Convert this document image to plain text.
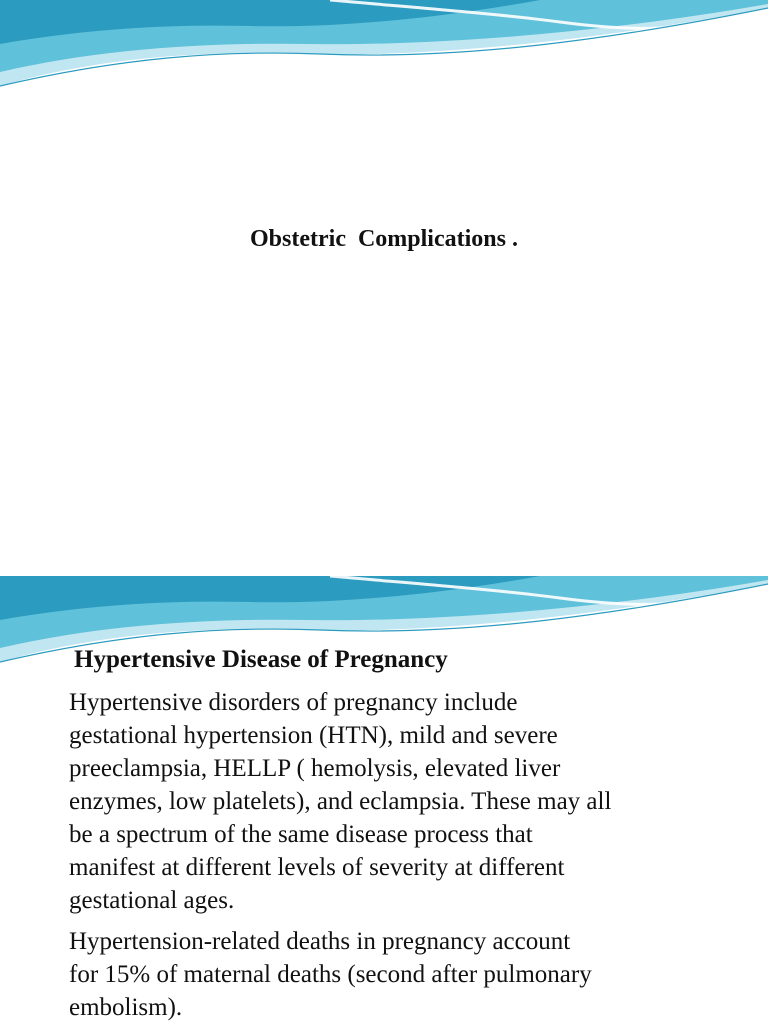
Obstetric  Complications .
Hypertensive Disease of Pregnancy
Hypertensive disorders of pregnancy include
gestational hypertension (HTN), mild and severe
preeclampsia, HELLP ( hemolysis, elevated liver
enzymes, low platelets), and eclampsia. These may all
be a spectrum of the same disease process that
manifest at different levels of severity at different
gestational ages.
Hypertension-related deaths in pregnancy account
for 15% of maternal deaths (second after pulmonary
embolism).
